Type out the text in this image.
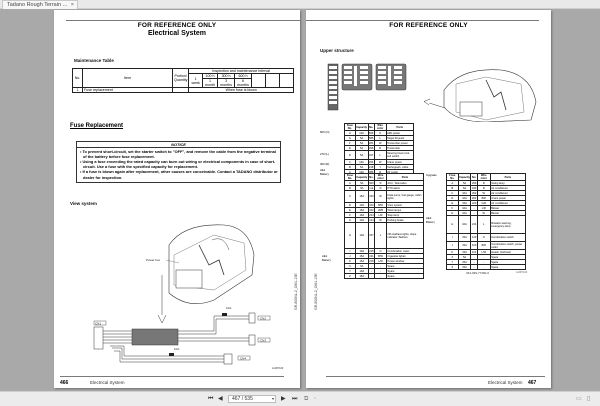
Tadano Rough Terrain ... ×
FOR REFERENCE ONLY
Electrical System
Maintenance Table
No.	Item	Portion/ Quantity	Inspection and maintenance interval						
			1 week	100 h	300 h	600 h			
				1 month	3 months	6 months			
1	Fuse replacement		When fuse is blown						
Fuse Replacement
NOTICE
• To prevent short-circuit, set the starter switch to "OFF", and remove the cable from the negative terminal of the battery before fuse replacement.
• Using a fuse exceeding the rated capacity can burn out wiring or electrical components in case of short-circuit. Use a fuse with the specified capacity for replacement.
• If a fuse is blown again after replacement, other causes are conceivable. Contact a TADANO distributor or dealer for inspection.
View system
Power box
CN1
CN2
CN3
CN4
10A
10A
A-0078-00
GR-800NL-2_OM1-15E
466	Electrical System
FOR REFERENCE ONLY
Upper structure
Fuse No.	Capacity	No.	Wire color	Parts
H	10A	826	O	AML power
G	5A	585	L	Target lift jewel
F	5A	281	W	Transmitter power
E	5A	395	R	Transmitter
D	5A	327	L	Steering boom lock sub switch
C	10A	264	W	Crane power
B	5A	218	Y	Tachograph, cable
A	10A	386	R	Oil cooler
600 (O)
270 (L)
300 (R)
AE1 Battery	Fuse No.	Capacity	No.	Wire color	Parts
A	5A	920	R	ACC, Telematics
B	5A	n/a	R	PTO alarm
C	15A	150	W	Data pump, fuel gauge, cabin lights
D	10A	160	B/W	View system
E	15A	152	W/B	Work lamps
F	10A	213	L/R	Step lamp
G	10A	144	W	Parking brake
H	10A	157	L	Off-road/aux lights, slope indicator, flashers
I	10A	215	O	Combination meter
J	15A	131	B/W	Cigarette lighter
K	15A	218	L/W	Power window
X	5A	-	-	Spare
Y	10A	-	-	Spare
Z	15A	-	-	Spare
AE1 Battery
Fuse No.	Capacity	No.	Wire color	Parts
A	5A	269	R	Swing lamp
B	5A	243	R	Air conditioner
C	10A	262	W	Air conditioner
D	10A	202	B/R	Crane power
E	15A	220	G/R	Air conditioner
F	10A	-	L/R	Blower
G	10A	-	W	Blower
H	10A	214	L	Rotation warning, emergency lamp
I	15A	120	O	Combination switch
J	15A	100	B/R	Combination switch, power outlet
K	15A	110	L/W	Heater, Defroster
X	5A	-	-	Spare
Y	15A	-	-	Spare
Z	15A	-	-	Spare
Upgrade
AE3 Battery
343-099-77390-0	A-0079-00
GR-800NL-2_OM1-15E
Electrical System 467
⏮ ◀	467 / 535	▾ ▶ ⏭ ⧉ ▫	▭ ▯
